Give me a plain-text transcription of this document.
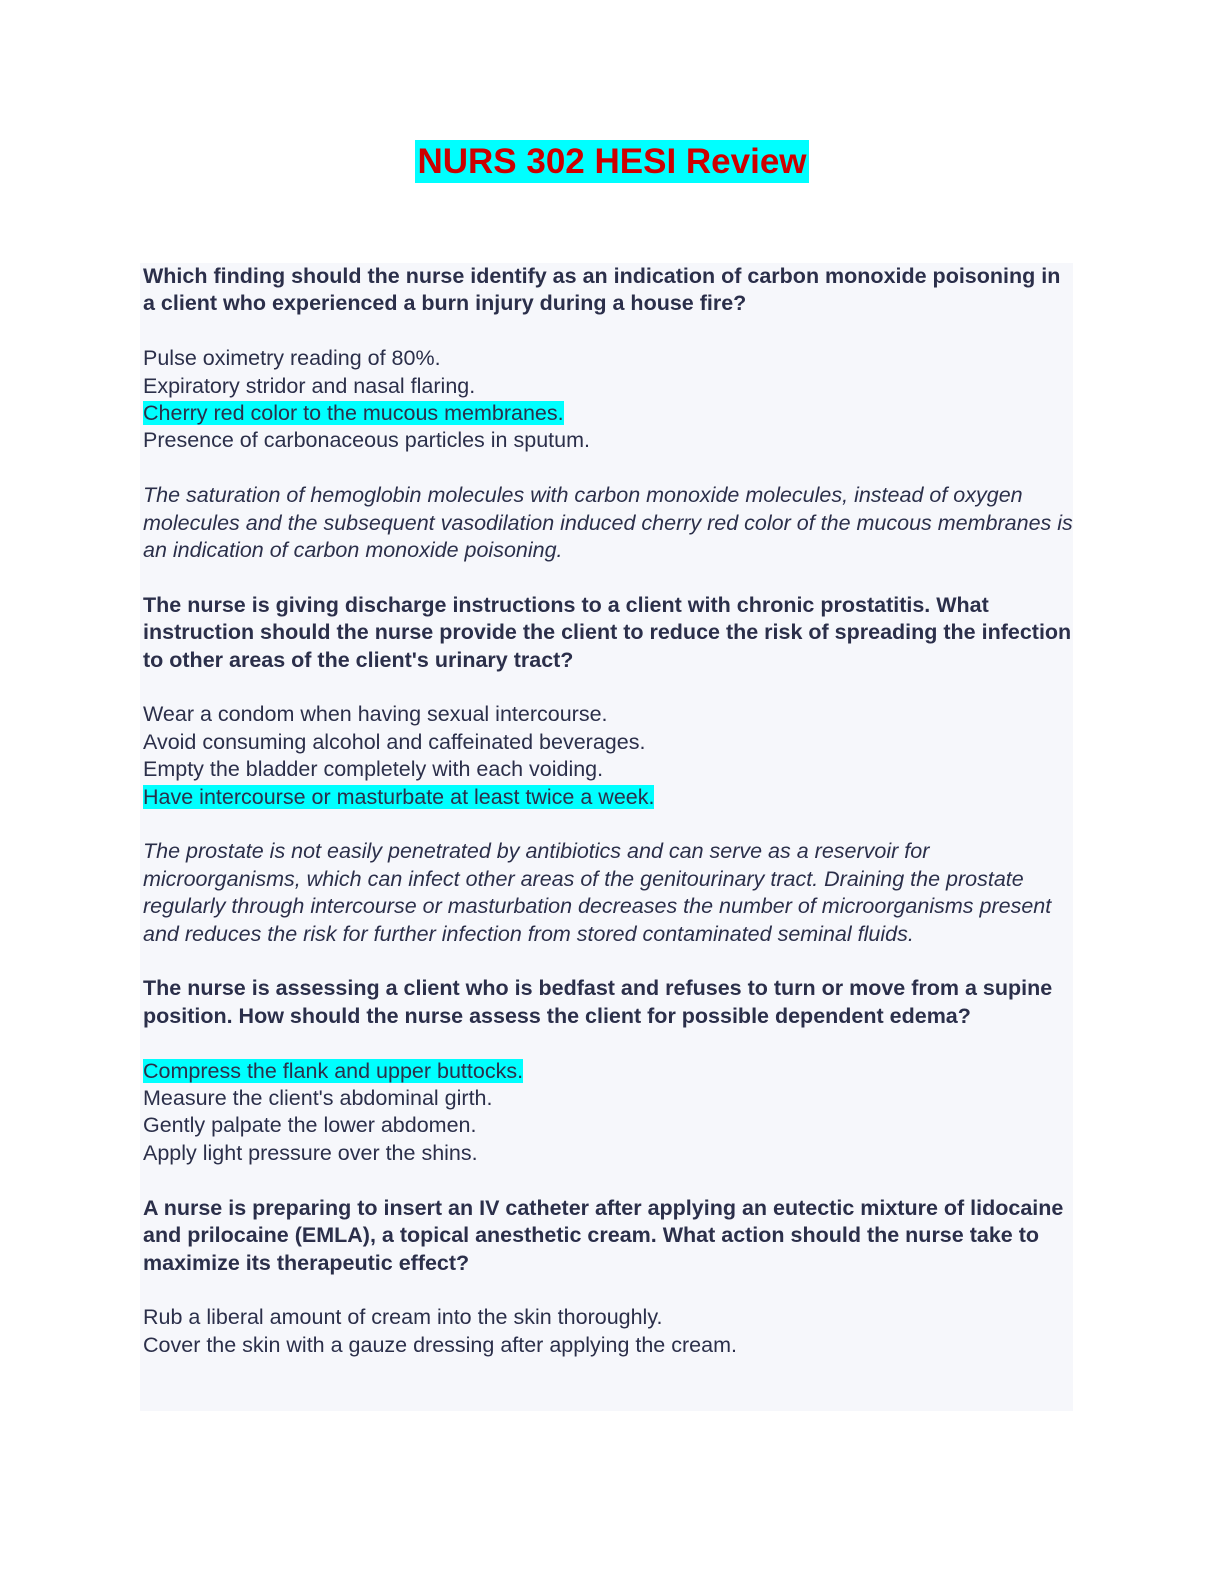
NURS 302 HESI Review

Which finding should the nurse identify as an indication of carbon monoxide poisoning in a client who experienced a burn injury during a house fire?

Pulse oximetry reading of 80%.
Expiratory stridor and nasal flaring.
Cherry red color to the mucous membranes.
Presence of carbonaceous particles in sputum.
The saturation of hemoglobin molecules with carbon monoxide molecules, instead of oxygen molecules and the subsequent vasodilation induced cherry red color of the mucous membranes is an indication of carbon monoxide poisoning.

The nurse is giving discharge instructions to a client with chronic prostatitis. What instruction should the nurse provide the client to reduce the risk of spreading the infection to other areas of the client's urinary tract?

Wear a condom when having sexual intercourse.
Avoid consuming alcohol and caffeinated beverages.
Empty the bladder completely with each voiding.
Have intercourse or masturbate at least twice a week.
The prostate is not easily penetrated by antibiotics and can serve as a reservoir for microorganisms, which can infect other areas of the genitourinary tract. Draining the prostate regularly through intercourse or masturbation decreases the number of microorganisms present and reduces the risk for further infection from stored contaminated seminal fluids.

The nurse is assessing a client who is bedfast and refuses to turn or move from a supine position. How should the nurse assess the client for possible dependent edema?

Compress the flank and upper buttocks.
Measure the client's abdominal girth.
Gently palpate the lower abdomen.
Apply light pressure over the shins.

A nurse is preparing to insert an IV catheter after applying an eutectic mixture of lidocaine and prilocaine (EMLA), a topical anesthetic cream. What action should the nurse take to maximize its therapeutic effect?

Rub a liberal amount of cream into the skin thoroughly.
Cover the skin with a gauze dressing after applying the cream.
